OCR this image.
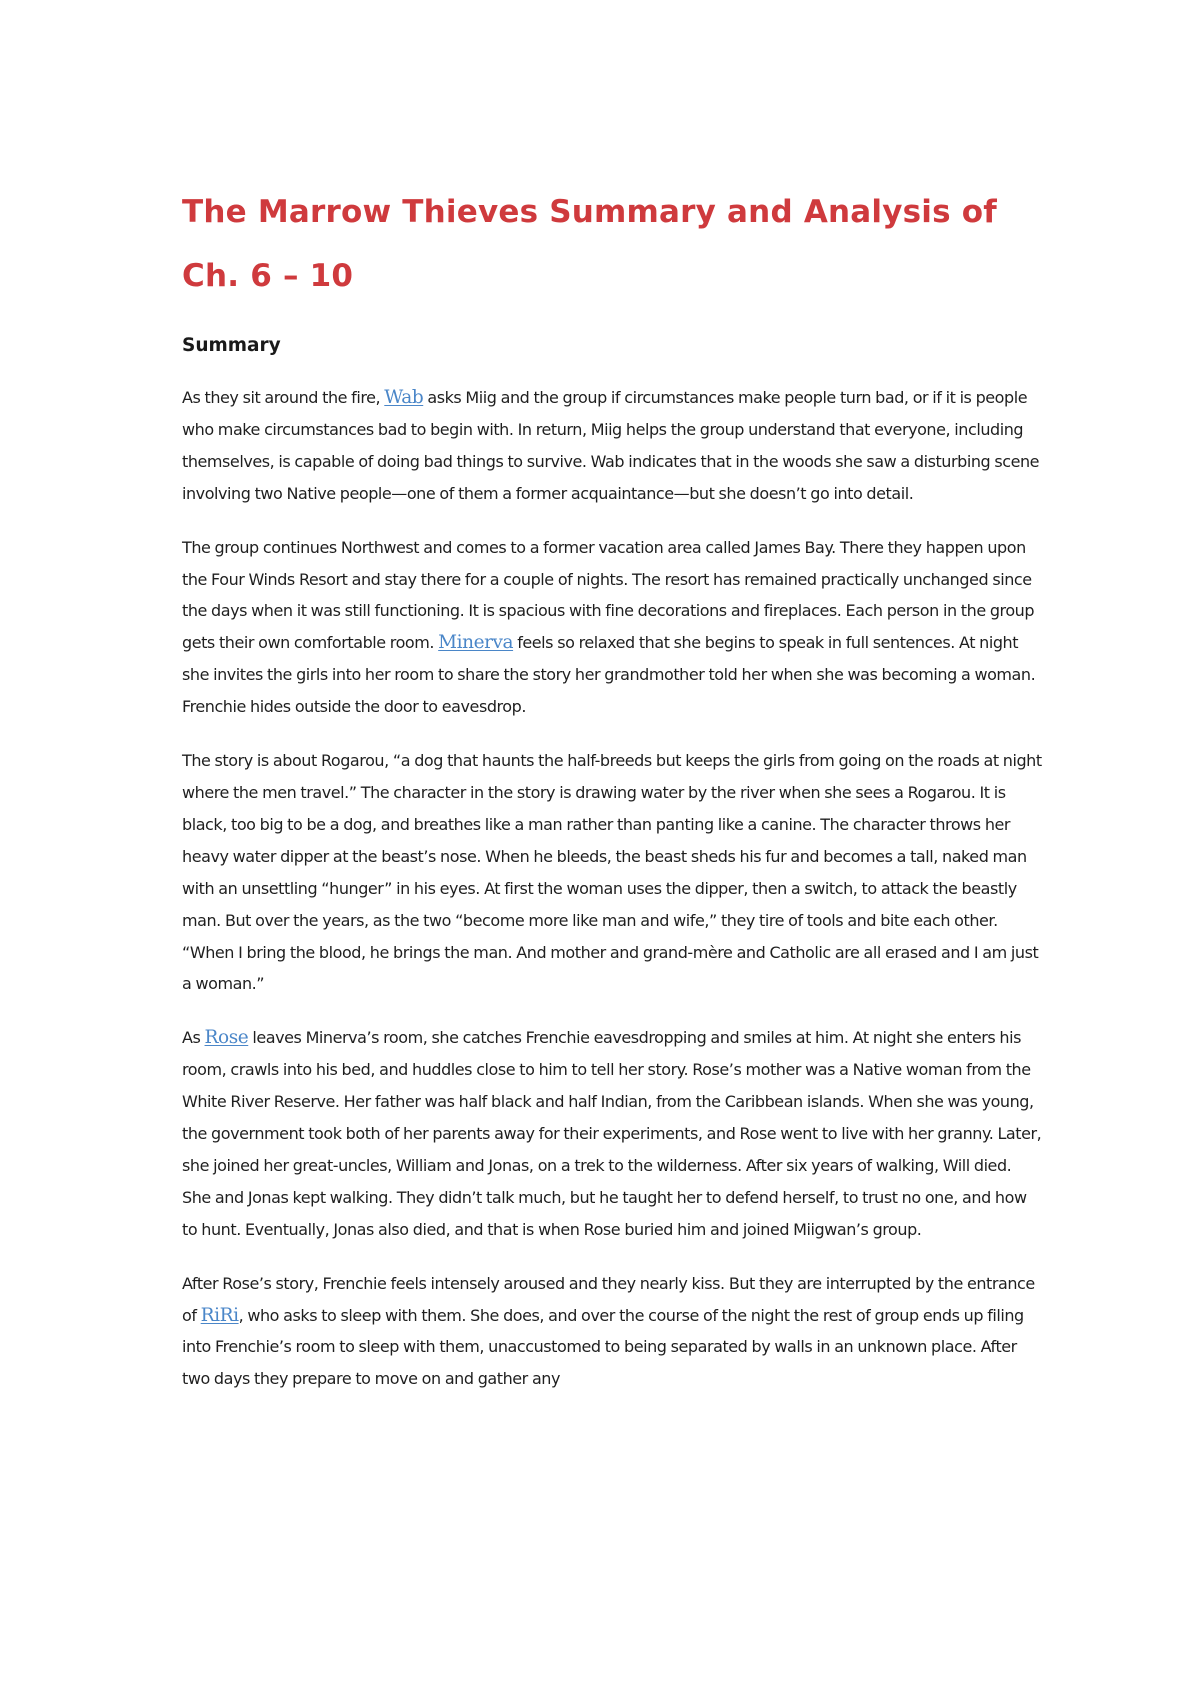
The Marrow Thieves Summary and Analysis of Ch. 6 – 10
Summary

As they sit around the fire, Wab asks Miig and the group if circumstances make people turn bad, or if it is people who make circumstances bad to begin with. In return, Miig helps the group understand that everyone, including themselves, is capable of doing bad things to survive. Wab indicates that in the woods she saw a disturbing scene involving two Native people—one of them a former acquaintance—but she doesn’t go into detail.

The group continues Northwest and comes to a former vacation area called James Bay. There they happen upon the Four Winds Resort and stay there for a couple of nights. The resort has remained practically unchanged since the days when it was still functioning. It is spacious with fine decorations and fireplaces. Each person in the group gets their own comfortable room. Minerva feels so relaxed that she begins to speak in full sentences. At night she invites the girls into her room to share the story her grandmother told her when she was becoming a woman. Frenchie hides outside the door to eavesdrop.

The story is about Rogarou, “a dog that haunts the half-breeds but keeps the girls from going on the roads at night where the men travel.” The character in the story is drawing water by the river when she sees a Rogarou. It is black, too big to be a dog, and breathes like a man rather than panting like a canine. The character throws her heavy water dipper at the beast’s nose. When he bleeds, the beast sheds his fur and becomes a tall, naked man with an unsettling “hunger” in his eyes. At first the woman uses the dipper, then a switch, to attack the beastly man. But over the years, as the two “become more like man and wife,” they tire of tools and bite each other. “When I bring the blood, he brings the man. And mother and grand-mère and Catholic are all erased and I am just a woman.”

As Rose leaves Minerva’s room, she catches Frenchie eavesdropping and smiles at him. At night she enters his room, crawls into his bed, and huddles close to him to tell her story. Rose’s mother was a Native woman from the White River Reserve. Her father was half black and half Indian, from the Caribbean islands. When she was young, the government took both of her parents away for their experiments, and Rose went to live with her granny. Later, she joined her great-uncles, William and Jonas, on a trek to the wilderness. After six years of walking, Will died. She and Jonas kept walking. They didn’t talk much, but he taught her to defend herself, to trust no one, and how to hunt. Eventually, Jonas also died, and that is when Rose buried him and joined Miigwan’s group.

After Rose’s story, Frenchie feels intensely aroused and they nearly kiss. But they are interrupted by the entrance of RiRi, who asks to sleep with them. She does, and over the course of the night the rest of group ends up filing into Frenchie’s room to sleep with them, unaccustomed to being separated by walls in an unknown place. After two days they prepare to move on and gather any
